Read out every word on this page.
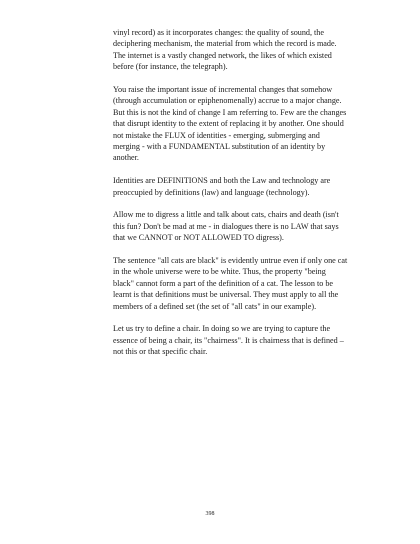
vinyl record) as it incorporates changes: the quality of sound, the deciphering mechanism, the material from which the record is made. The internet is a vastly changed network, the likes of which existed before (for instance, the telegraph).

You raise the important issue of incremental changes that somehow (through accumulation or epiphenomenally) accrue to a major change. But this is not the kind of change I am referring to. Few are the changes that disrupt identity to the extent of replacing it by another. One should not mistake the FLUX of identities - emerging, submerging and merging - with a FUNDAMENTAL substitution of an identity by another.

Identities are DEFINITIONS and both the Law and technology are preoccupied by definitions (law) and language (technology).

Allow me to digress a little and talk about cats, chairs and death (isn't this fun? Don't be mad at me - in dialogues there is no LAW that says that we CANNOT or NOT ALLOWED TO digress).

The sentence "all cats are black" is evidently untrue even if only one cat in the whole universe were to be white. Thus, the property "being black" cannot form a part of the definition of a cat. The lesson to be learnt is that definitions must be universal. They must apply to all the members of a defined set (the set of "all cats" in our example).

Let us try to define a chair. In doing so we are trying to capture the essence of being a chair, its "chairness". It is chairness that is defined – not this or that specific chair.

398
